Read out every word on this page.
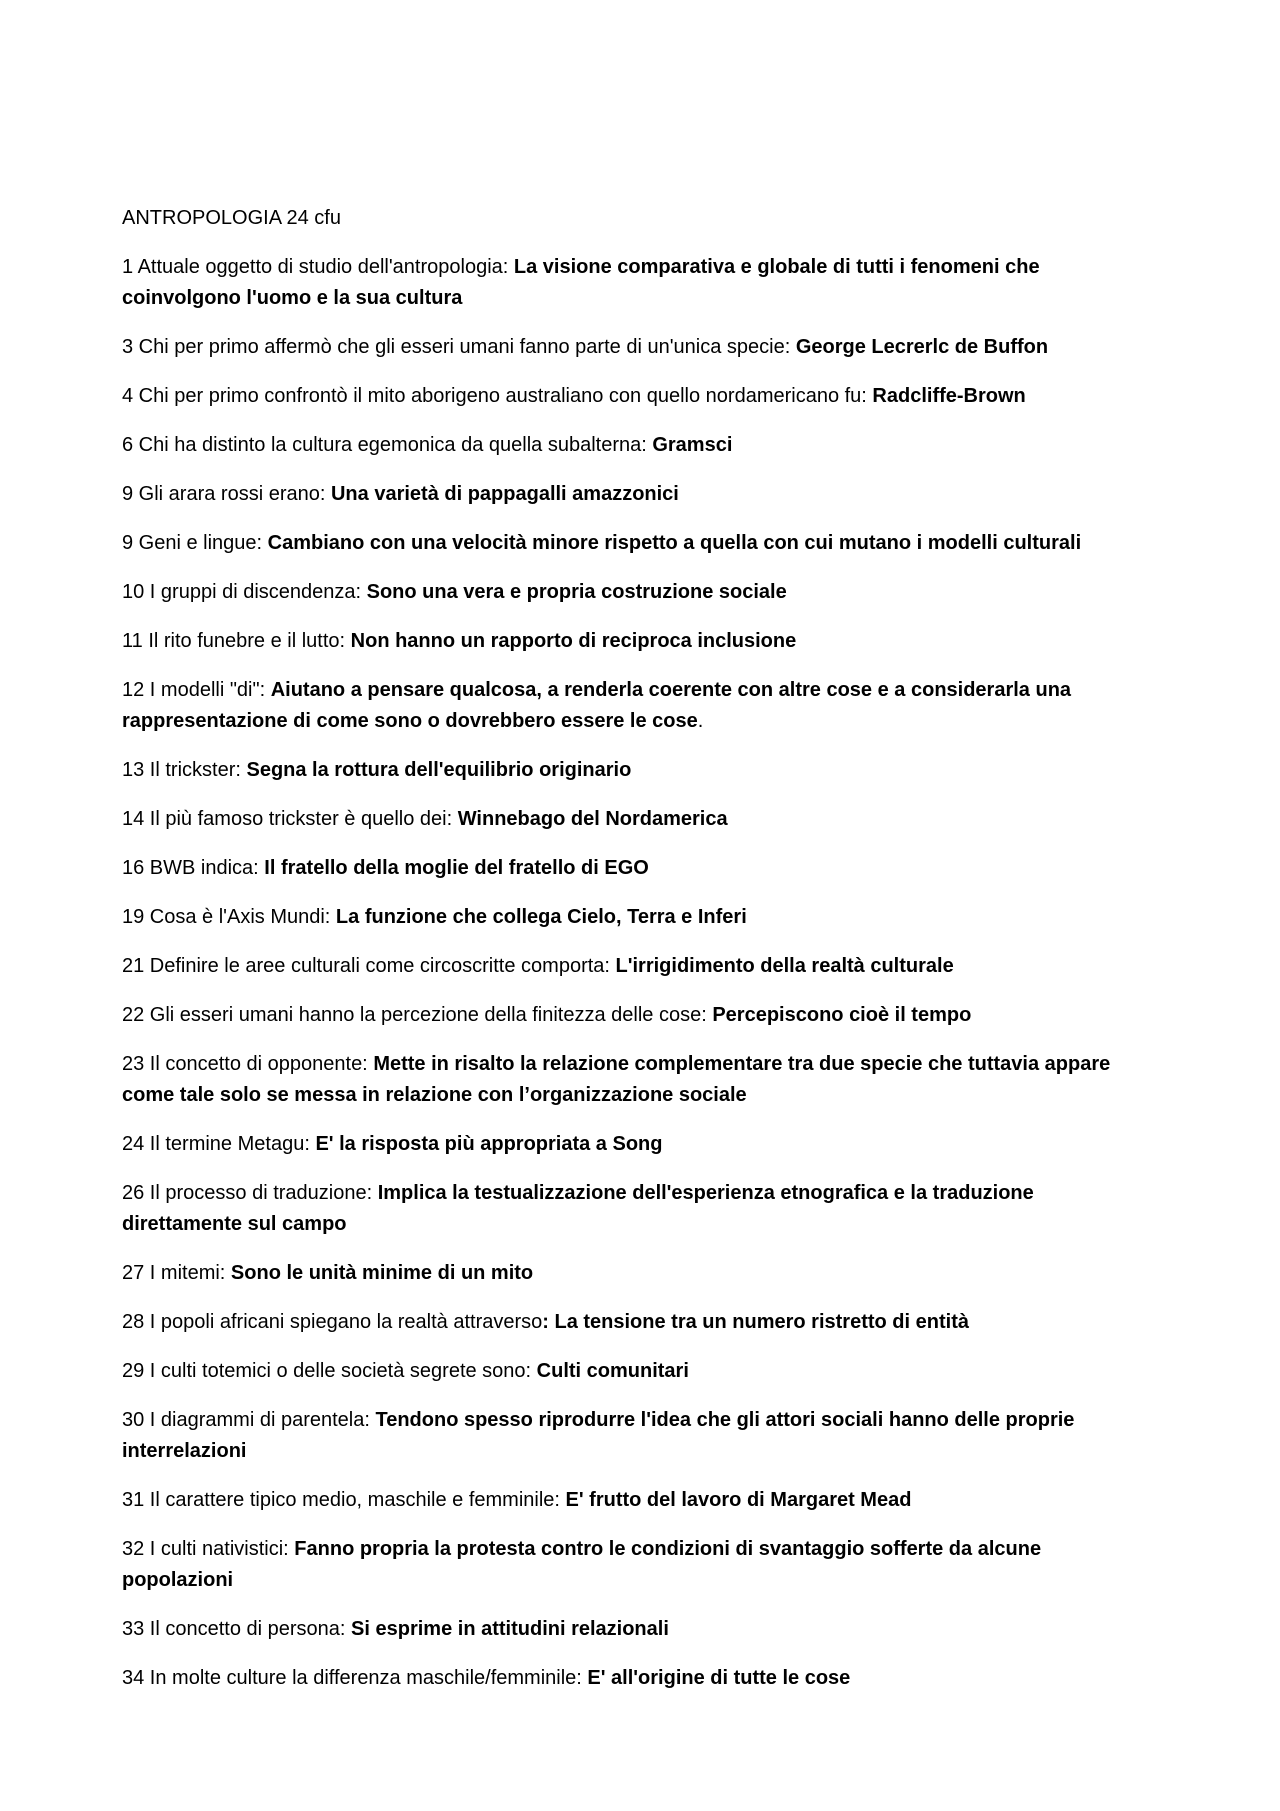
ANTROPOLOGIA 24 cfu

1 Attuale oggetto di studio dell'antropologia: La visione comparativa e globale di tutti i fenomeni che coinvolgono l'uomo e la sua cultura

3 Chi per primo affermò che gli esseri umani fanno parte di un'unica specie: George Lecrerlc de Buffon

4 Chi per primo confrontò il mito aborigeno australiano con quello nordamericano fu: Radcliffe-Brown

6 Chi ha distinto la cultura egemonica da quella subalterna: Gramsci

9 Gli arara rossi erano: Una varietà di pappagalli amazzonici

9 Geni e lingue: Cambiano con una velocità minore rispetto a quella con cui mutano i modelli culturali

10 I gruppi di discendenza: Sono una vera e propria costruzione sociale

11 Il rito funebre e il lutto: Non hanno un rapporto di reciproca inclusione

12 I modelli "di": Aiutano a pensare qualcosa, a renderla coerente con altre cose e a considerarla una rappresentazione di come sono o dovrebbero essere le cose.

13 Il trickster: Segna la rottura dell'equilibrio originario

14 Il più famoso trickster è quello dei: Winnebago del Nordamerica

16 BWB indica: Il fratello della moglie del fratello di EGO

19 Cosa è l'Axis Mundi: La funzione che collega Cielo, Terra e Inferi

21 Definire le aree culturali come circoscritte comporta: L'irrigidimento della realtà culturale

22 Gli esseri umani hanno la percezione della finitezza delle cose: Percepiscono cioè il tempo

23 Il concetto di opponente: Mette in risalto la relazione complementare tra due specie che tuttavia appare come tale solo se messa in relazione con l’organizzazione sociale

24 Il termine Metagu: E' la risposta più appropriata a Song

26 Il processo di traduzione: Implica la testualizzazione dell'esperienza etnografica e la traduzione direttamente sul campo

27 I mitemi: Sono le unità minime di un mito

28 I popoli africani spiegano la realtà attraverso: La tensione tra un numero ristretto di entità

29 I culti totemici o delle società segrete sono: Culti comunitari

30 I diagrammi di parentela: Tendono spesso riprodurre l'idea che gli attori sociali hanno delle proprie interrelazioni

31 Il carattere tipico medio, maschile e femminile: E' frutto del lavoro di Margaret Mead

32 I culti nativistici: Fanno propria la protesta contro le condizioni di svantaggio sofferte da alcune popolazioni

33 Il concetto di persona: Si esprime in attitudini relazionali

34 In molte culture la differenza maschile/femminile: E' all'origine di tutte le cose
